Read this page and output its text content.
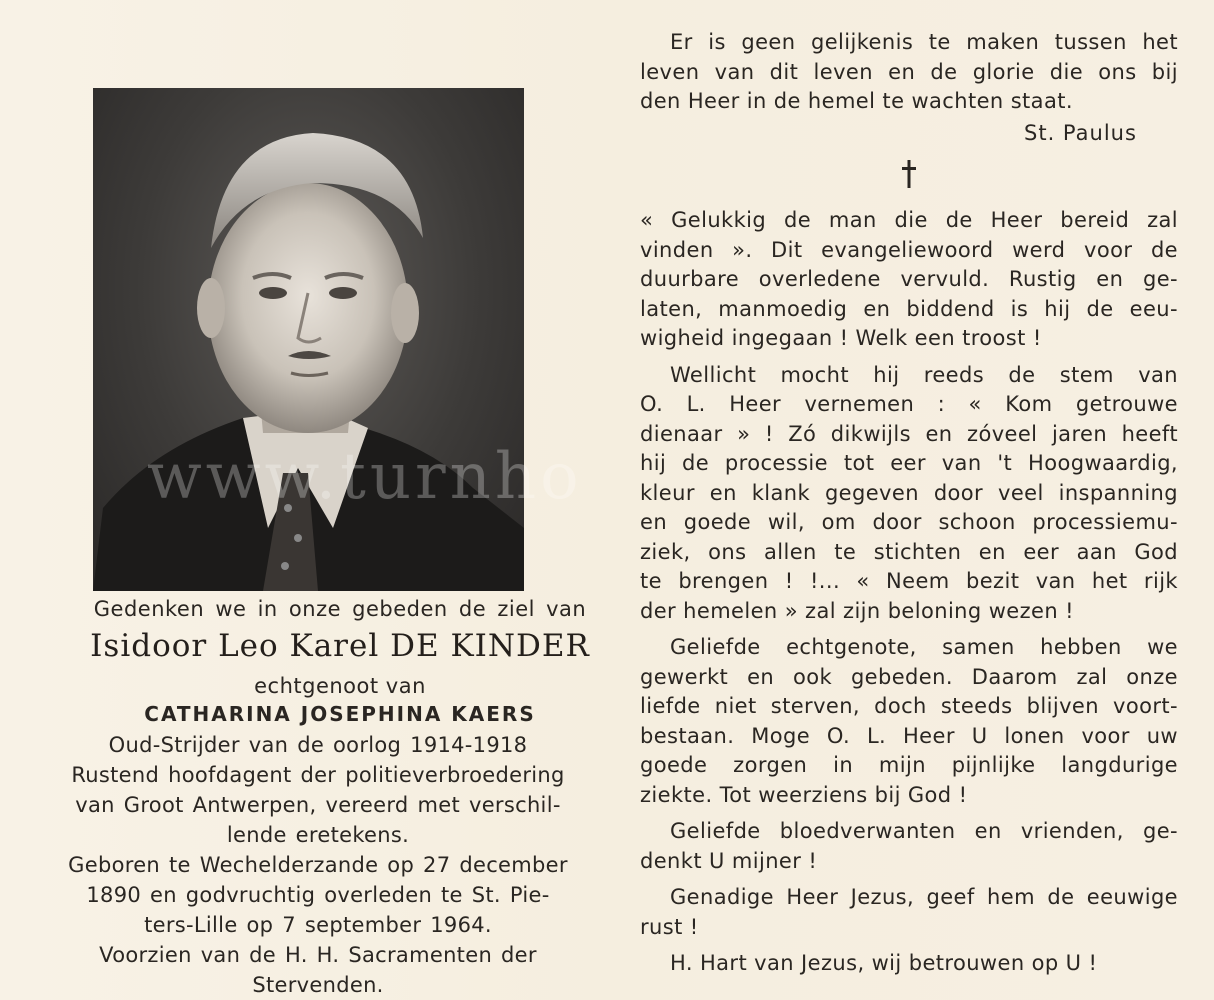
www.turnho
Gedenken we in onze gebeden de ziel van
Isidoor Leo Karel DE KINDER
echtgenoot van
CATHARINA JOSEPHINA KAERS

Oud-Strijder van de oorlog 1914-1918

Rustend hoofdagent der politieverbroedering

van Groot Antwerpen, vereerd met verschil-

lende eretekens.

Geboren te Wechelderzande op 27 december

1890 en godvruchtig overleden te St. Pie-

ters-Lille op 7 september 1964.

Voorzien van de H. H. Sacramenten der

Stervenden.

Er is geen gelijkenis te maken tussen het
leven van dit leven en de glorie die ons bij
den Heer in de hemel te wachten staat.
St. Paulus
« Gelukkig de man die de Heer bereid zal
vinden ». Dit evangeliewoord werd voor de
duurbare overledene vervuld. Rustig en ge-
laten, manmoedig en biddend is hij de eeu-
wigheid ingegaan ! Welk een troost !
Wellicht mocht hij reeds de stem van
O. L. Heer vernemen : « Kom getrouwe
dienaar » ! Zó dikwijls en zóveel jaren heeft
hij de processie tot eer van 't Hoogwaardig,
kleur en klank gegeven door veel inspanning
en goede wil, om door schoon processiemu-
ziek, ons allen te stichten en eer aan God
te brengen ! !... « Neem bezit van het rijk
der hemelen » zal zijn beloning wezen !
Geliefde echtgenote, samen hebben we
gewerkt en ook gebeden. Daarom zal onze
liefde niet sterven, doch steeds blijven voort-
bestaan. Moge O. L. Heer U lonen voor uw
goede zorgen in mijn pijnlijke langdurige
ziekte. Tot weerziens bij God !
Geliefde bloedverwanten en vrienden, ge-
denkt U mijner !
Genadige Heer Jezus, geef hem de eeuwige
rust !
H. Hart van Jezus, wij betrouwen op U !
